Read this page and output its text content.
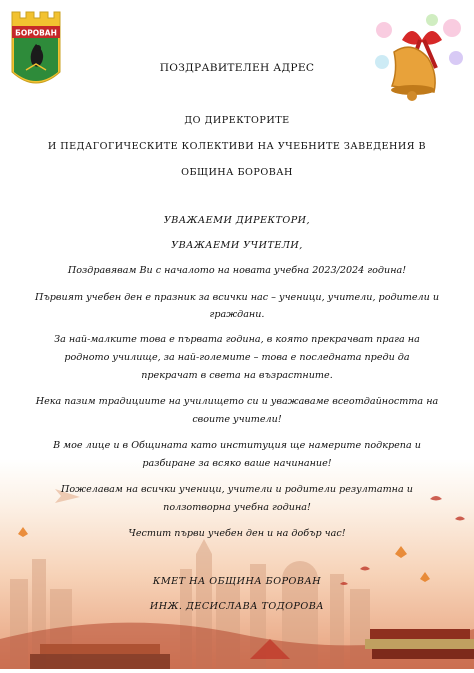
БОРОВАН
ПОЗДРАВИТЕЛЕН АДРЕС
ДО ДИРЕКТОРИТЕ
И ПЕДАГОГИЧЕСКИТЕ КОЛЕКТИВИ НА УЧЕБНИТЕ ЗАВЕДЕНИЯ В
ОБЩИНА БОРОВАН
УВАЖАЕМИ ДИРЕКТОРИ,
УВАЖАЕМИ УЧИТЕЛИ,
Поздравявам Ви с началото на новата учебна 2023/2024 година!
Първият учебен ден е празник за всички нас – ученици, учители, родители и
граждани.
За най-малките това е първата година, в която прекрачват прага на
родното училище, за най-големите – това е последната преди да
прекрачат в света на възрастните.
Нека пазим традициите на училището си и уважаваме всеотдайността на
своите учители!
В мое лице и в Общината като институция ще намерите подкрепа и
разбиране за всяко ваше начинание!
Пожелавам на всички ученици, учители и родители резултатна и
ползотворна учебна година!
Честит първи учебен ден и на добър час!
КМЕТ НА ОБЩИНА БОРОВАН
ИНЖ. ДЕСИСЛАВА ТОДОРОВА
